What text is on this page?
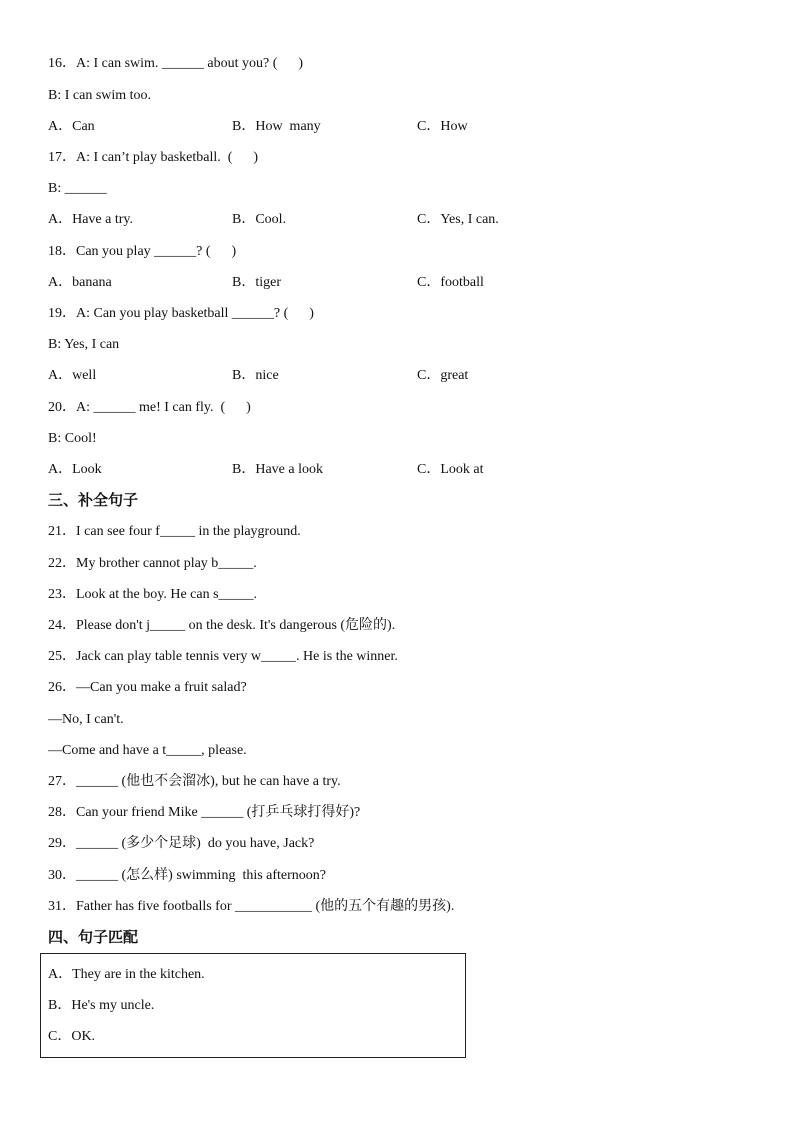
16．A: I can swim. ______ about you? (      )
B: I can swim too.
A．Can	B．How  many	C．How
17．A: I can’t play basketball.  (      )
B: ______
A．Have a try.	B．Cool.	C．Yes, I can.
18．Can you play ______? (      )
A．banana	B．tiger	C．football
19．A: Can you play basketball ______? (      )
B: Yes, I can
A．well	B．nice	C．great
20．A: ______ me! I can fly.  (      )
B: Cool!
A．Look	B．Have a look	C．Look at
三、补全句子
21．I can see four f_____ in the playground.
22．My brother cannot play b_____.
23．Look at the boy. He can s_____.
24．Please don't j_____ on the desk. It's dangerous (危险的).
25．Jack can play table tennis very w_____. He is the winner.
26．—Can you make a fruit salad?
—No, I can't.
—Come and have a t_____, please.
27．______ (他也不会溜冰), but he can have a try.
28．Can your friend Mike ______ (打乒乓球打得好)?
29．______ (多少个足球)  do you have, Jack?
30．______ (怎么样) swimming  this afternoon?
31．Father has five footballs for ___________ (他的五个有趣的男孩).
四、句子匹配
A．They are in the kitchen.
B．He's my uncle.
C．OK.
